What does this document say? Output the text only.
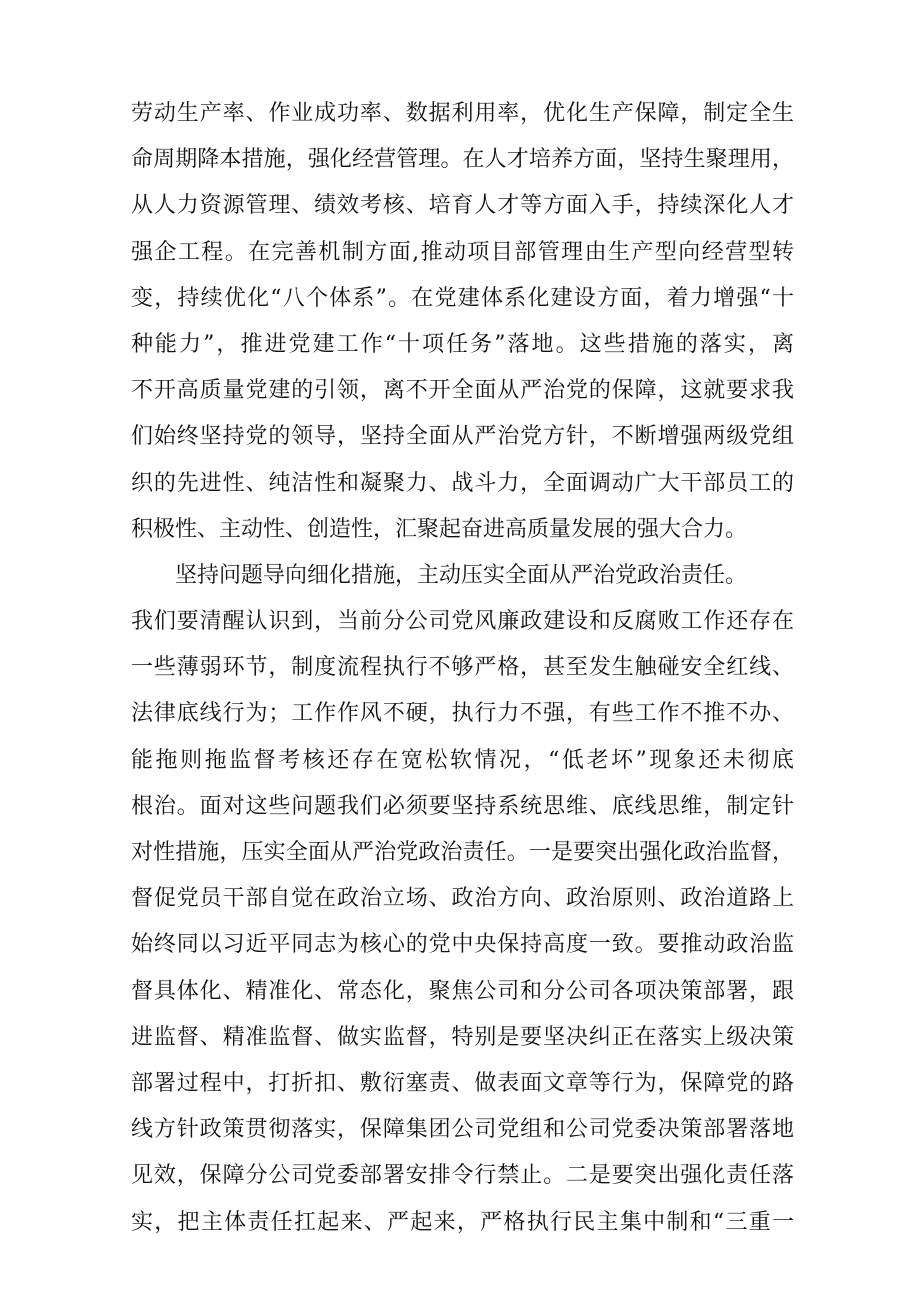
劳动生产率、作业成功率、数据利用率，优化生产保障，制定全生
命周期降本措施，强化经营管理。在人才培养方面，坚持生聚理用，
从人力资源管理、绩效考核、培育人才等方面入手，持续深化人才
强企工程。在完善机制方面,推动项目部管理由生产型向经营型转
变，持续优化“八个体系”。在党建体系化建设方面，着力增强“十
种能力”，推进党建工作“十项任务”落地。这些措施的落实，离
不开高质量党建的引领，离不开全面从严治党的保障，这就要求我
们始终坚持党的领导，坚持全面从严治党方针，不断增强两级党组
织的先进性、纯洁性和凝聚力、战斗力，全面调动广大干部员工的
积极性、主动性、创造性，汇聚起奋进高质量发展的强大合力。
坚持问题导向细化措施，主动压实全面从严治党政治责任。
我们要清醒认识到，当前分公司党风廉政建设和反腐败工作还存在
一些薄弱环节，制度流程执行不够严格，甚至发生触碰安全红线、
法律底线行为；工作作风不硬，执行力不强，有些工作不推不办、
能拖则拖监督考核还存在宽松软情况，“低老坏”现象还未彻底
根治。面对这些问题我们必须要坚持系统思维、底线思维，制定针
对性措施，压实全面从严治党政治责任。一是要突出强化政治监督，
督促党员干部自觉在政治立场、政治方向、政治原则、政治道路上
始终同以习近平同志为核心的党中央保持高度一致。要推动政治监
督具体化、精准化、常态化，聚焦公司和分公司各项决策部署，跟
进监督、精准监督、做实监督，特别是要坚决纠正在落实上级决策
部署过程中，打折扣、敷衍塞责、做表面文章等行为，保障党的路
线方针政策贯彻落实，保障集团公司党组和公司党委决策部署落地
见效，保障分公司党委部署安排令行禁止。二是要突出强化责任落
实，把主体责任扛起来、严起来，严格执行民主集中制和“三重一
